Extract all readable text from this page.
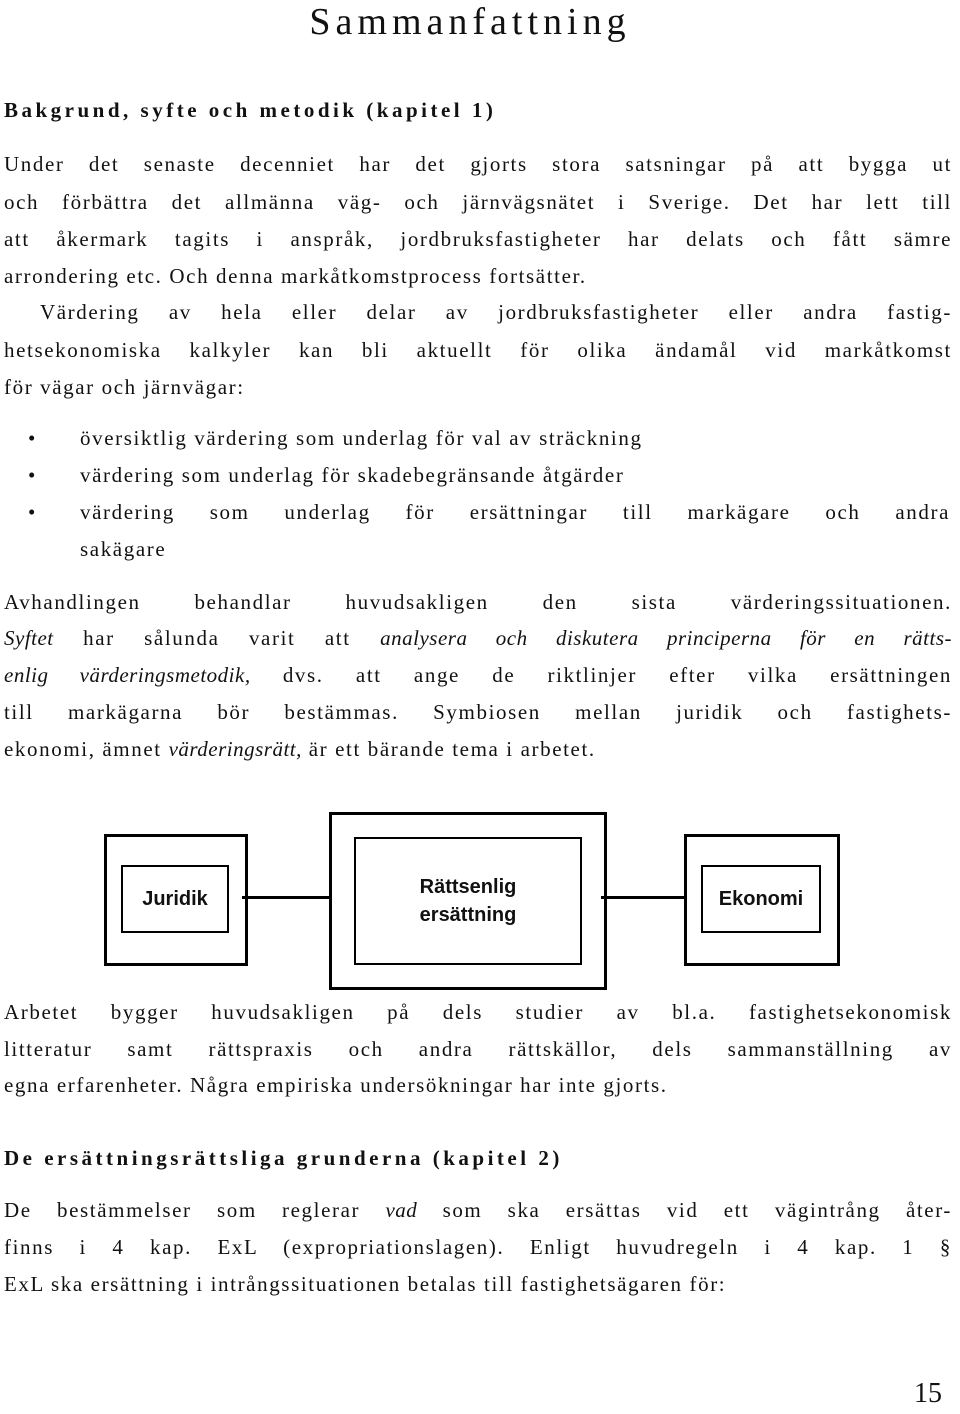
Sammanfattning
Bakgrund, syfte och metodik (kapitel 1)
Under det senaste decenniet har det gjorts stora satsningar på att bygga ut
och förbättra det allmänna väg- och järnvägsnätet i Sverige. Det har lett till
att åkermark tagits i anspråk, jordbruksfastigheter har delats och fått sämre
arrondering etc. Och denna markåtkomstprocess fortsätter.
Värdering av hela eller delar av jordbruksfastigheter eller andra fastig-
hetsekonomiska kalkyler kan bli aktuellt för olika ändamål vid markåtkomst
för vägar och järnvägar:
• översiktlig värdering som underlag för val av sträckning
• värdering som underlag för skadebegränsande åtgärder
• värdering som underlag för ersättningar till markägare och andra
sakägare
Avhandlingen behandlar huvudsakligen den sista värderingssituationen.
Syftet har sålunda varit att analysera och diskutera principerna för en rätts-
enlig värderingsmetodik, dvs. att ange de riktlinjer efter vilka ersättningen
till markägarna bör bestämmas. Symbiosen mellan juridik och fastighets-
ekonomi, ämnet värderingsrätt, är ett bärande tema i arbetet.
Juridik
Rättsenlig
ersättning
Ekonomi
Arbetet bygger huvudsakligen på dels studier av bl.a. fastighetsekonomisk
litteratur samt rättspraxis och andra rättskällor, dels sammanställning av
egna erfarenheter. Några empiriska undersökningar har inte gjorts.
De ersättningsrättsliga grunderna (kapitel 2)
De bestämmelser som reglerar vad som ska ersättas vid ett vägintrång åter-
finns i 4 kap. ExL (expropriationslagen). Enligt huvudregeln i 4 kap. 1 §
ExL ska ersättning i intrångssituationen betalas till fastighetsägaren för:
15
